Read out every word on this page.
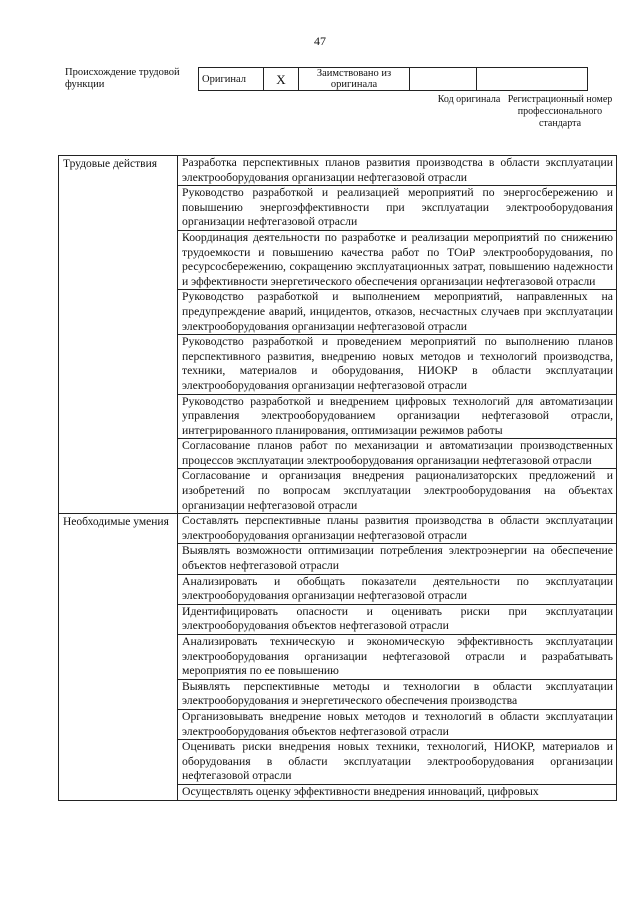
47
Происхождение трудовой функции	Оригинал	X	Заимствовано из оригинала		
Код оригинала Регистрационный номер профессионального стандарта
Трудовые действия	Разработка перспективных планов развития производства в области эксплуатации электрооборудования организации нефтегазовой отрасли
	Руководство разработкой и реализацией мероприятий по энергосбережению и повышению энергоэффективности при эксплуатации электрооборудования организации нефтегазовой отрасли
	Координация деятельности по разработке и реализации мероприятий по снижению трудоемкости и повышению качества работ по ТОиР электрооборудования, по ресурсосбережению, сокращению эксплуатационных затрат, повышению надежности и эффективности энергетического обеспечения организации нефтегазовой отрасли
	Руководство разработкой и выполнением мероприятий, направленных на предупреждение аварий, инцидентов, отказов, несчастных случаев при эксплуатации электрооборудования организации нефтегазовой отрасли
	Руководство разработкой и проведением мероприятий по выполнению планов перспективного развития, внедрению новых методов и технологий производства, техники, материалов и оборудования, НИОКР в области эксплуатации электрооборудования организации нефтегазовой отрасли
	Руководство разработкой и внедрением цифровых технологий для автоматизации управления электрооборудованием организации нефтегазовой отрасли, интегрированного планирования, оптимизации режимов работы
	Согласование планов работ по механизации и автоматизации производственных процессов эксплуатации электрооборудования организации нефтегазовой отрасли
	Согласование и организация внедрения рационализаторских предложений и изобретений по вопросам эксплуатации электрооборудования на объектах организации нефтегазовой отрасли
Необходимые умения	Составлять перспективные планы развития производства в области эксплуатации электрооборудования организации нефтегазовой отрасли
	Выявлять возможности оптимизации потребления электроэнергии на обеспечение объектов нефтегазовой отрасли
	Анализировать и обобщать показатели деятельности по эксплуатации электрооборудования организации нефтегазовой отрасли
	Идентифицировать опасности и оценивать риски при эксплуатации электрооборудования объектов нефтегазовой отрасли
	Анализировать техническую и экономическую эффективность эксплуатации электрооборудования организации нефтегазовой отрасли и разрабатывать мероприятия по ее повышению
	Выявлять перспективные методы и технологии в области эксплуатации электрооборудования и энергетического обеспечения производства
	Организовывать внедрение новых методов и технологий в области эксплуатации электрооборудования объектов нефтегазовой отрасли
	Оценивать риски внедрения новых техники, технологий, НИОКР, материалов и оборудования в области эксплуатации электрооборудования организации нефтегазовой отрасли
	Осуществлять оценку эффективности внедрения инноваций, цифровых
